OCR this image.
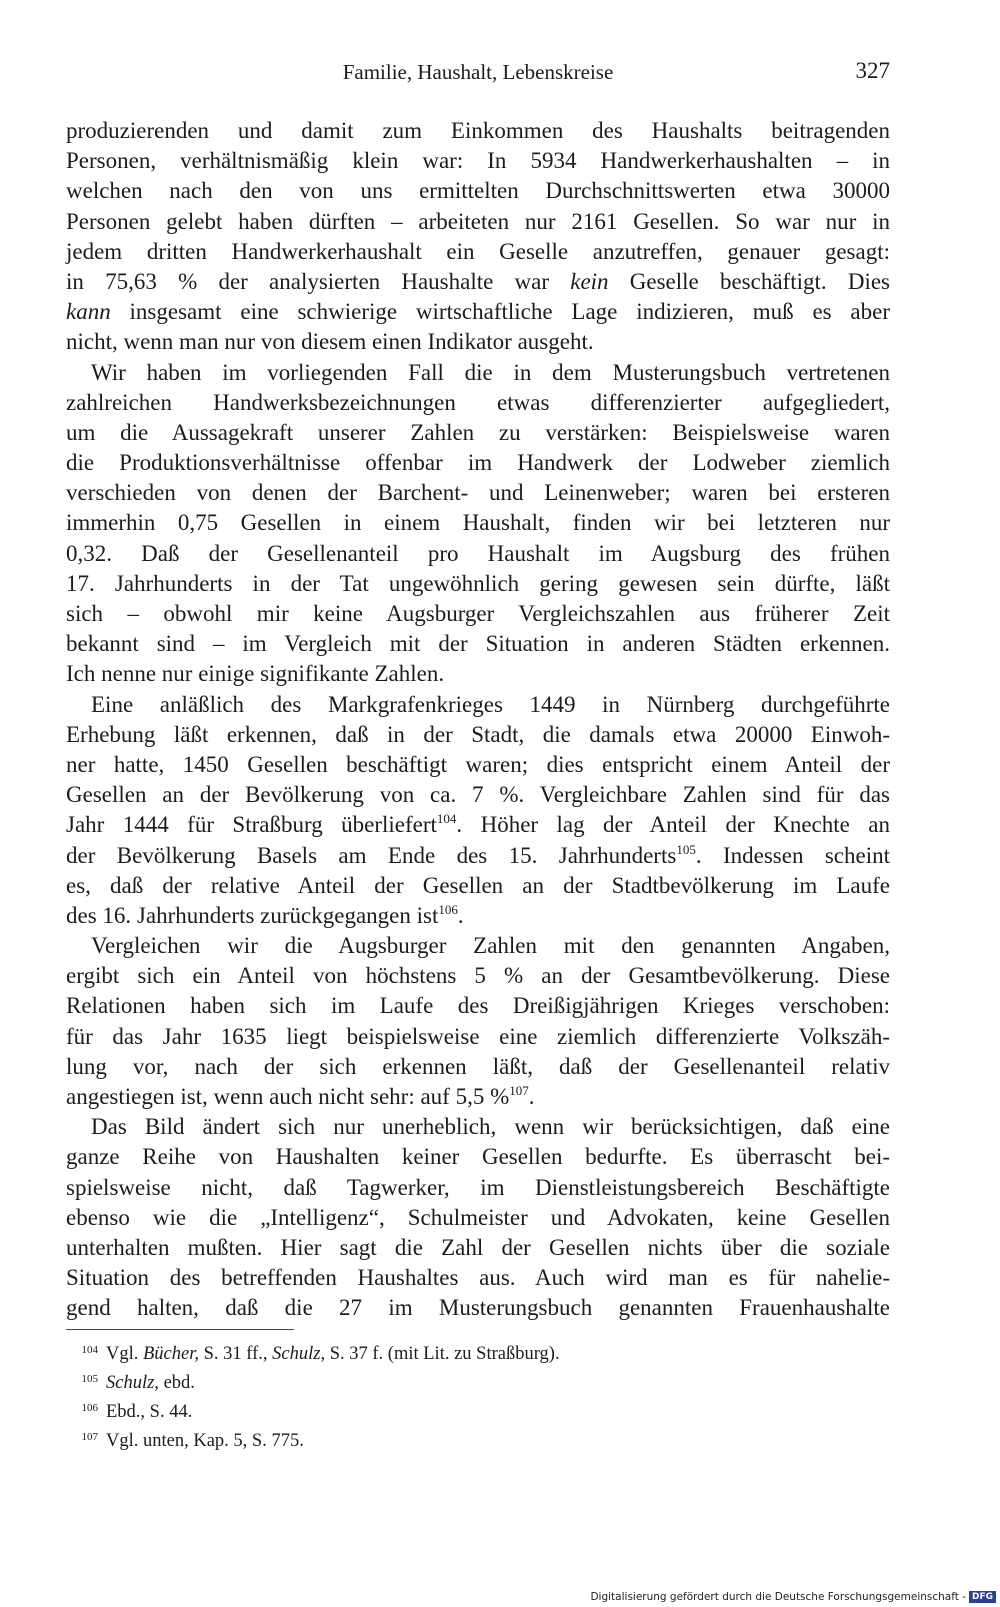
Familie, Haushalt, Lebenskreise	327
produzierenden und damit zum Einkommen des Haushalts beitragenden
Personen, verhältnismäßig klein war: In 5934 Handwerkerhaushalten – in
welchen nach den von uns ermittelten Durchschnittswerten etwa 30000
Personen gelebt haben dürften – arbeiteten nur 2161 Gesellen. So war nur in
jedem dritten Handwerkerhaushalt ein Geselle anzutreffen, genauer gesagt:
in 75,63 % der analysierten Haushalte war kein Geselle beschäftigt. Dies
kann insgesamt eine schwierige wirtschaftliche Lage indizieren, muß es aber
nicht, wenn man nur von diesem einen Indikator ausgeht.
Wir haben im vorliegenden Fall die in dem Musterungsbuch vertretenen
zahlreichen Handwerksbezeichnungen etwas differenzierter aufgegliedert,
um die Aussagekraft unserer Zahlen zu verstärken: Beispielsweise waren
die Produktionsverhältnisse offenbar im Handwerk der Lodweber ziemlich
verschieden von denen der Barchent- und Leinenweber; waren bei ersteren
immerhin 0,75 Gesellen in einem Haushalt, finden wir bei letzteren nur
0,32. Daß der Gesellenanteil pro Haushalt im Augsburg des frühen
17. Jahrhunderts in der Tat ungewöhnlich gering gewesen sein dürfte, läßt
sich – obwohl mir keine Augsburger Vergleichszahlen aus früherer Zeit
bekannt sind – im Vergleich mit der Situation in anderen Städten erkennen.
Ich nenne nur einige signifikante Zahlen.
Eine anläßlich des Markgrafenkrieges 1449 in Nürnberg durchgeführte
Erhebung läßt erkennen, daß in der Stadt, die damals etwa 20000 Einwoh-
ner hatte, 1450 Gesellen beschäftigt waren; dies entspricht einem Anteil der
Gesellen an der Bevölkerung von ca. 7 %. Vergleichbare Zahlen sind für das
Jahr 1444 für Straßburg überliefert$^{104}$. Höher lag der Anteil der Knechte an
der Bevölkerung Basels am Ende des 15. Jahrhunderts$^{105}$. Indessen scheint
es, daß der relative Anteil der Gesellen an der Stadtbevölkerung im Laufe
des 16. Jahrhunderts zurückgegangen ist$^{106}$.
Vergleichen wir die Augsburger Zahlen mit den genannten Angaben,
ergibt sich ein Anteil von höchstens 5 % an der Gesamtbevölkerung. Diese
Relationen haben sich im Laufe des Dreißigjährigen Krieges verschoben:
für das Jahr 1635 liegt beispielsweise eine ziemlich differenzierte Volkszäh-
lung vor, nach der sich erkennen läßt, daß der Gesellenanteil relativ
angestiegen ist, wenn auch nicht sehr: auf 5,5 %$^{107}$.
Das Bild ändert sich nur unerheblich, wenn wir berücksichtigen, daß eine
ganze Reihe von Haushalten keiner Gesellen bedurfte. Es überrascht bei-
spielsweise nicht, daß Tagwerker, im Dienstleistungsbereich Beschäftigte
ebenso wie die „Intelligenz“, Schulmeister und Advokaten, keine Gesellen
unterhalten mußten. Hier sagt die Zahl der Gesellen nichts über die soziale
Situation des betreffenden Haushaltes aus. Auch wird man es für nahelie-
gend halten, daß die 27 im Musterungsbuch genannten Frauenhaushalte
104 Vgl. Bücher, S. 31 ff., Schulz, S. 37 f. (mit Lit. zu Straßburg).
105 Schulz, ebd.
106 Ebd., S. 44.
107 Vgl. unten, Kap. 5, S. 775.
Digitalisierung gefördert durch die Deutsche Forschungsgemeinschaft - DFG
